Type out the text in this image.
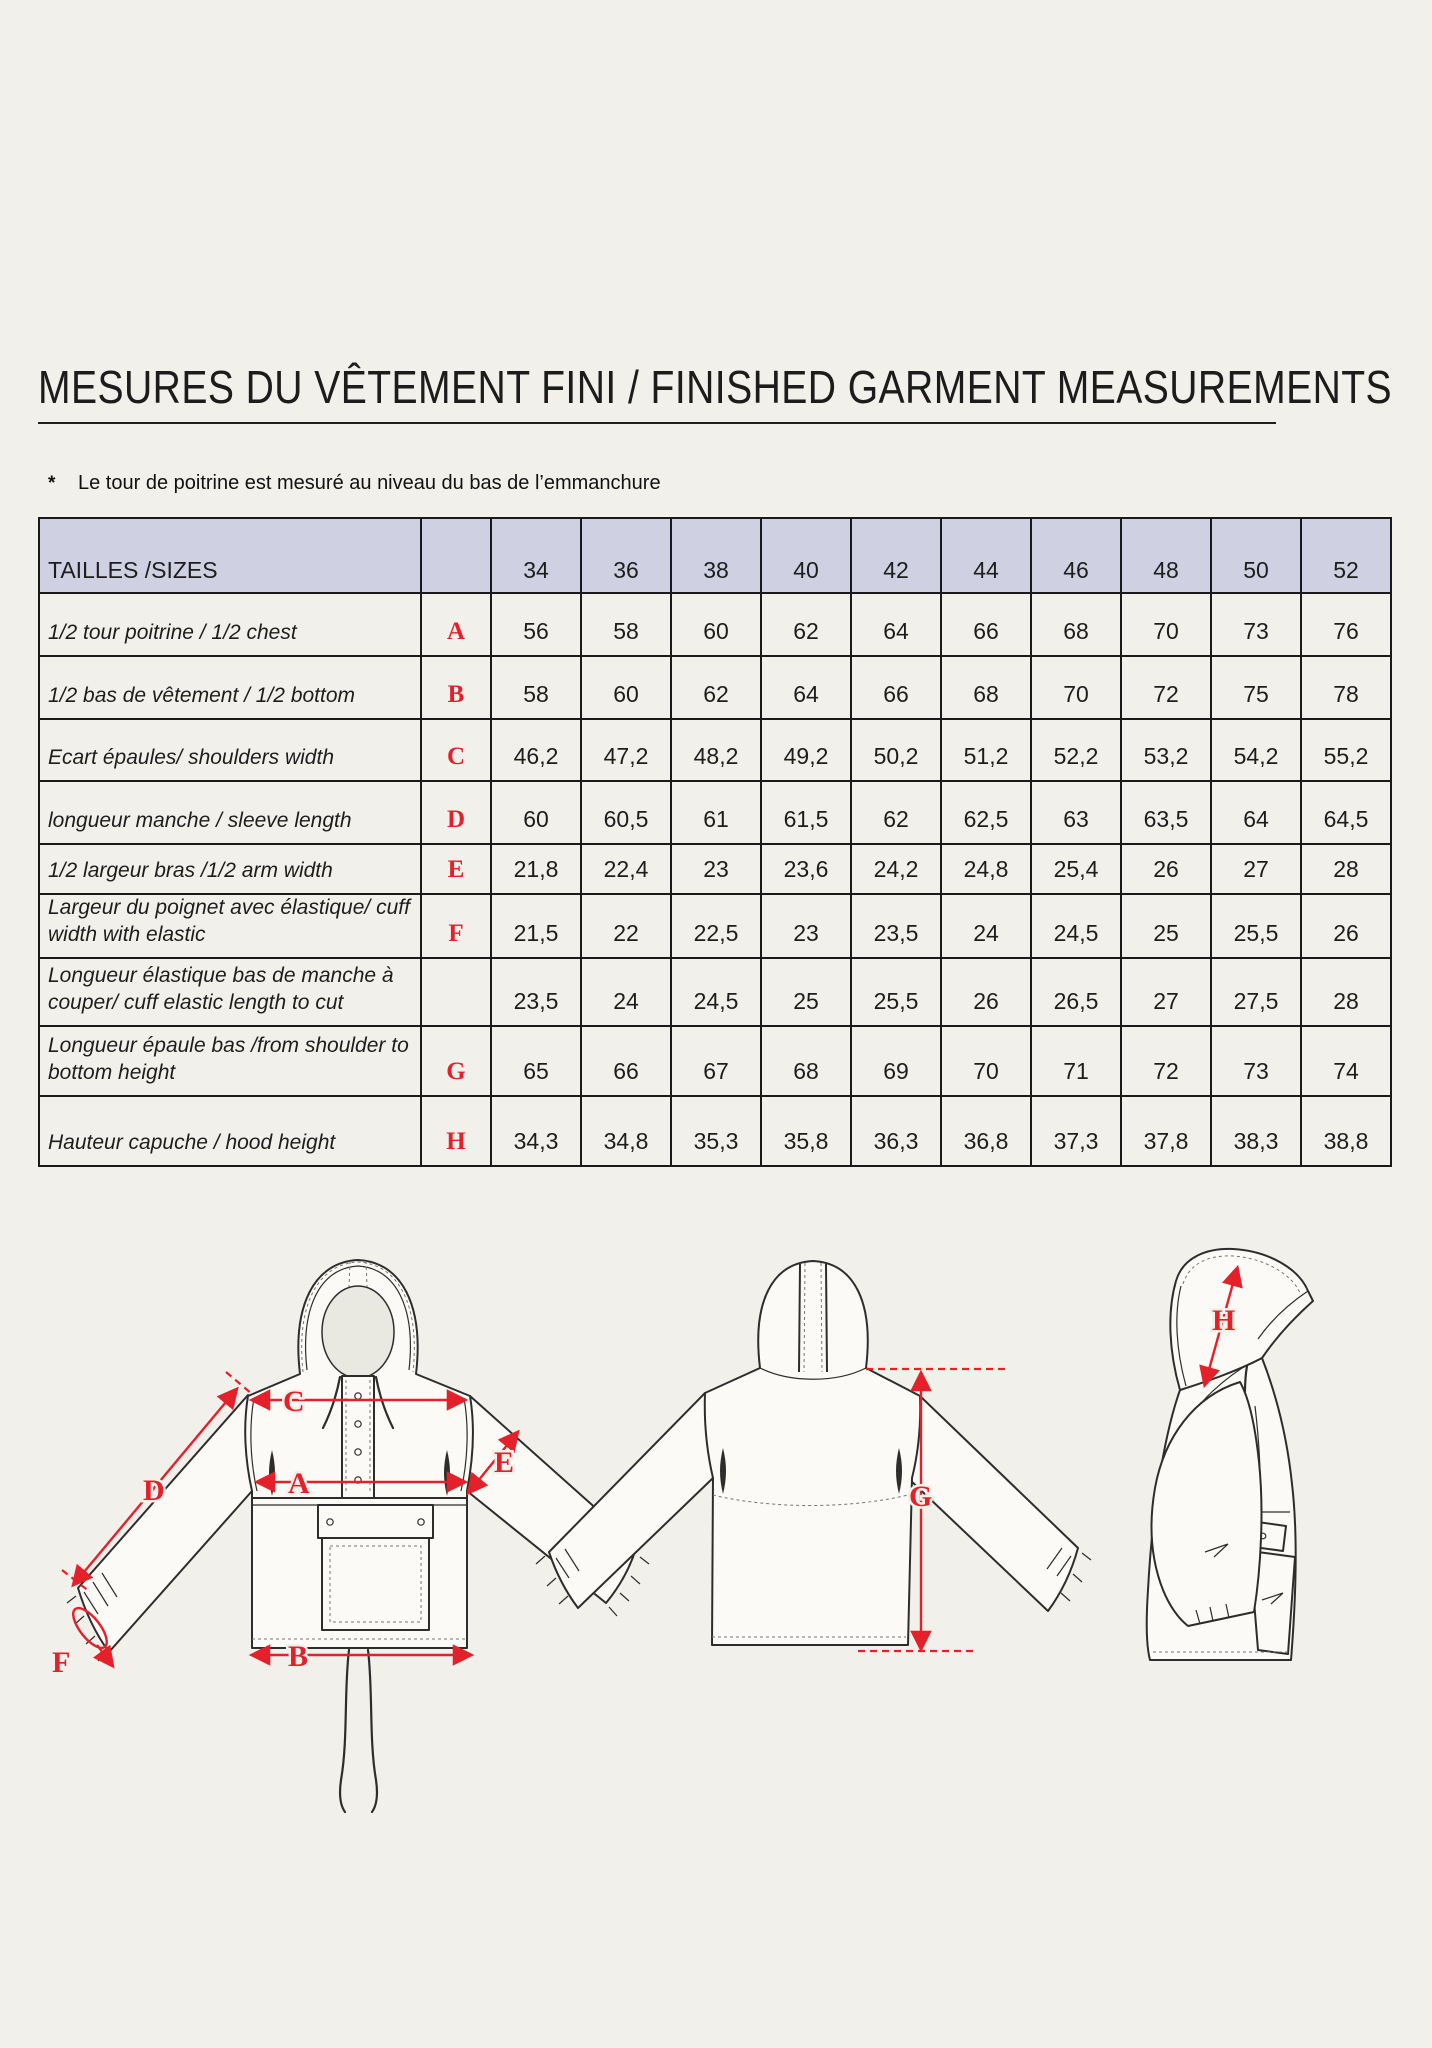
MESURES DU VÊTEMENT FINI / FINISHED GARMENT MEASUREMENTS

* Le tour de poitrine est mesuré au niveau du bas de l’emmanchure

TAILLES /SIZES		34	36	38	40	42	44	46	48	50	52
1/2 tour poitrine / 1/2 chest	A	56	58	60	62	64	66	68	70	73	76
1/2 bas de vêtement / 1/2 bottom	B	58	60	62	64	66	68	70	72	75	78
Ecart épaules/ shoulders width	C	46,2	47,2	48,2	49,2	50,2	51,2	52,2	53,2	54,2	55,2
longueur manche / sleeve length	D	60	60,5	61	61,5	62	62,5	63	63,5	64	64,5
1/2 largeur bras /1/2 arm width	E	21,8	22,4	23	23,6	24,2	24,8	25,4	26	27	28
Largeur du poignet avec élastique/ cuff width with elastic	F	21,5	22	22,5	23	23,5	24	24,5	25	25,5	26
Longueur élastique bas de manche à couper/ cuff elastic length to cut		23,5	24	24,5	25	25,5	26	26,5	27	27,5	28
Longueur épaule bas /from shoulder to bottom height	G	65	66	67	68	69	70	71	72	73	74
Hauteur capuche / hood height	H	34,3	34,8	35,3	35,8	36,3	36,8	37,3	37,8	38,3	38,8
C
A
B
D
E
F
G
H
